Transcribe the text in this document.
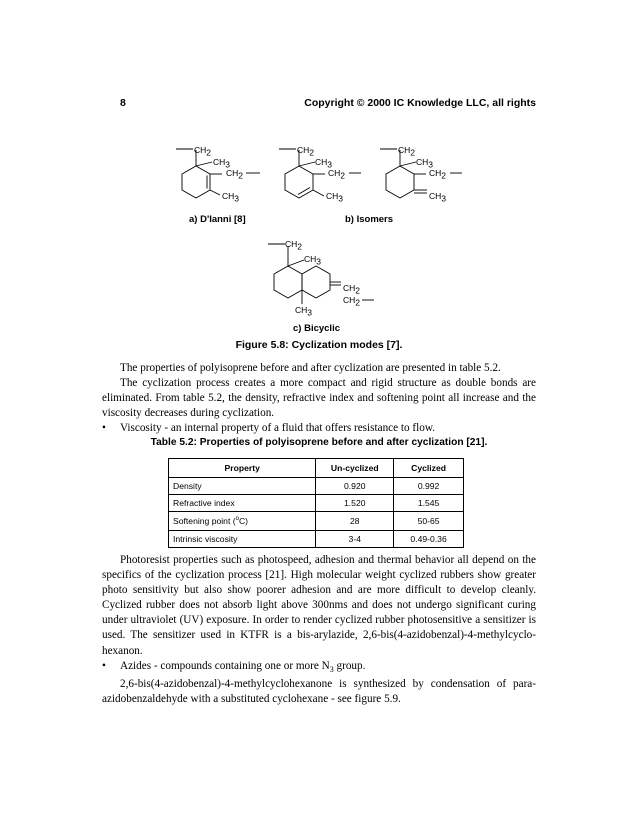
8	Copyright © 2000 IC Knowledge LLC, all rights
CH2
CH3
CH2
CH3
CH2
CH3
CH2
CH3
CH2
CH3
CH2
CH3
a) D'Ianni [8]	b) Isomers
CH2
CH3
CH2
CH2
CH3
c) Bicyclic
Figure 5.8: Cyclization modes [7].

The properties of polyisoprene before and after cyclization are presented in table 5.2.

The cyclization process creates a more compact and rigid structure as double bonds are eliminated. From table 5.2, the density, refractive index and softening point all increase and the viscosity decreases during cyclization.

•	Viscosity - an internal property of a fluid that offers resistance to flow.
Table 5.2: Properties of polyisoprene before and after cyclization [21].
Property	Un-cyclized	Cyclized
Density	0.920	0.992
Refractive index	1.520	1.545
Softening point ($^o$C)	28	50-65
Intrinsic viscosity	3-4	0.49-0.36

Photoresist properties such as photospeed, adhesion and thermal behavior all depend on the specifics of the cyclization process [21]. High molecular weight cyclized rubbers show greater photo sensitivity but also show poorer adhesion and are more difficult to develop cleanly. Cyclized rubber does not absorb light above 300nms and does not undergo significant curing under ultraviolet (UV) exposure. In order to render cyclized rubber photosensitive a sensitizer is used. The sensitizer used in KTFR is a bis-arylazide, 2,6-bis(4-azidobenzal)-4-methylcyclo-hexanon.

•	Azides - compounds containing one or more $N_3$ group.

2,6-bis(4-azidobenzal)-4-methylcyclohexanone is synthesized by condensation of para-azidobenzaldehyde with a substituted cyclohexane - see figure 5.9.
